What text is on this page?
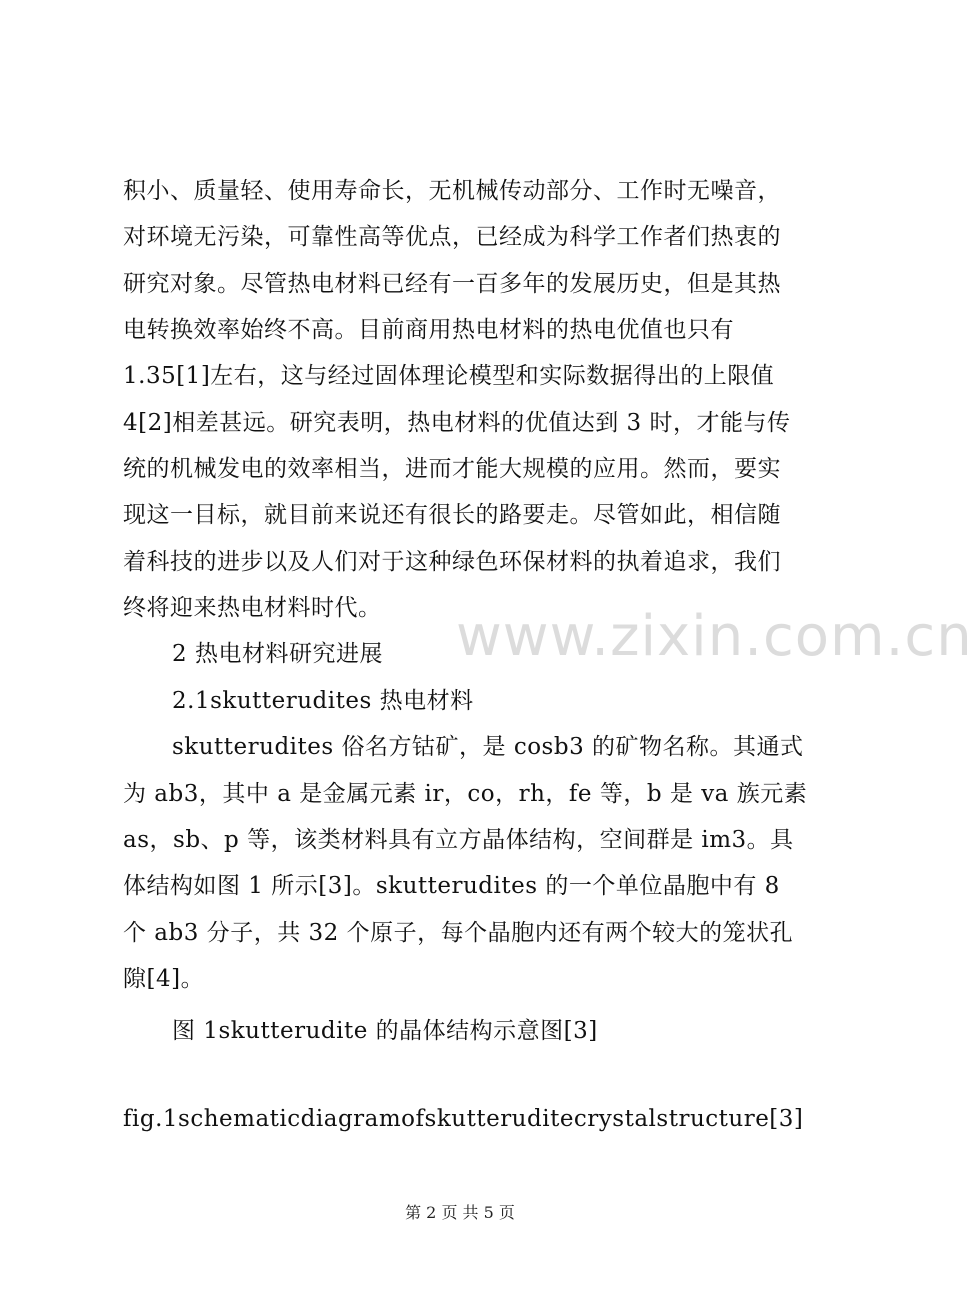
www.zixin.com.cn
积小、质量轻、使用寿命长，无机械传动部分、工作时无噪音，
对环境无污染，可靠性高等优点，已经成为科学工作者们热衷的
研究对象。尽管热电材料已经有一百多年的发展历史，但是其热
电转换效率始终不高。目前商用热电材料的热电优值也只有
1.35[1]左右，这与经过固体理论模型和实际数据得出的上限值
4[2]相差甚远。研究表明，热电材料的优值达到 3 时，才能与传
统的机械发电的效率相当，进而才能大规模的应用。然而，要实
现这一目标，就目前来说还有很长的路要走。尽管如此，相信随
着科技的进步以及人们对于这种绿色环保材料的执着追求，我们
终将迎来热电材料时代。
2 热电材料研究进展
2.1skutterudites 热电材料
skutterudites 俗名方钴矿，是 cosb3 的矿物名称。其通式
为 ab3，其中 a 是金属元素 ir，co，rh，fe 等，b 是 va 族元素
as，sb、p 等，该类材料具有立方晶体结构，空间群是 im3。具
体结构如图 1 所示[3]。skutterudites 的一个单位晶胞中有 8
个 ab3 分子，共 32 个原子，每个晶胞内还有两个较大的笼状孔
隙[4]。
图 1skutterudite 的晶体结构示意图[3]
fig.1schematicdiagramofskutteruditecrystalstructure[3]
第 2 页 共 5 页
